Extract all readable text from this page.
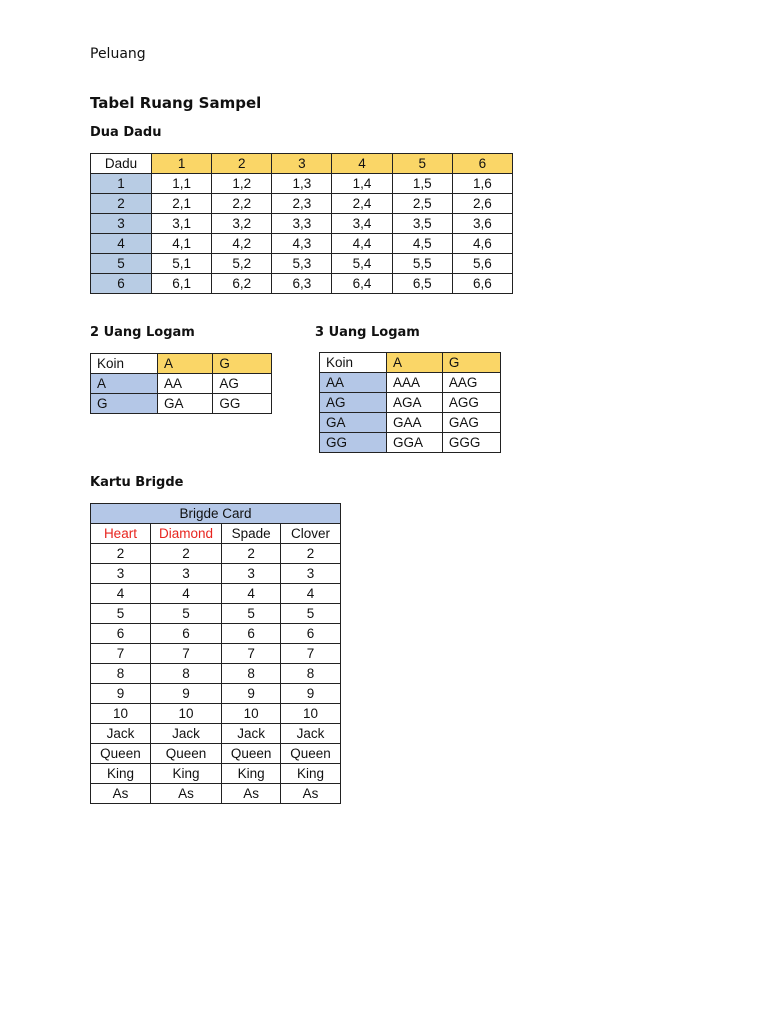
Peluang
Tabel Ruang Sampel
Dua Dadu
Dadu	1	2	3	4	5	6
1	1,1	1,2	1,3	1,4	1,5	1,6
2	2,1	2,2	2,3	2,4	2,5	2,6
3	3,1	3,2	3,3	3,4	3,5	3,6
4	4,1	4,2	4,3	4,4	4,5	4,6
5	5,1	5,2	5,3	5,4	5,5	5,6
6	6,1	6,2	6,3	6,4	6,5	6,6
2 Uang Logam
Koin	A	G
A	AA	AG
G	GA	GG
3 Uang Logam
Koin	A	G
AA	AAA	AAG
AG	AGA	AGG
GA	GAA	GAG
GG	GGA	GGG
Kartu Brigde
Brigde Card			
Heart	Diamond	Spade	Clover
2	2	2	2
3	3	3	3
4	4	4	4
5	5	5	5
6	6	6	6
7	7	7	7
8	8	8	8
9	9	9	9
10	10	10	10
Jack	Jack	Jack	Jack
Queen	Queen	Queen	Queen
King	King	King	King
As	As	As	As
